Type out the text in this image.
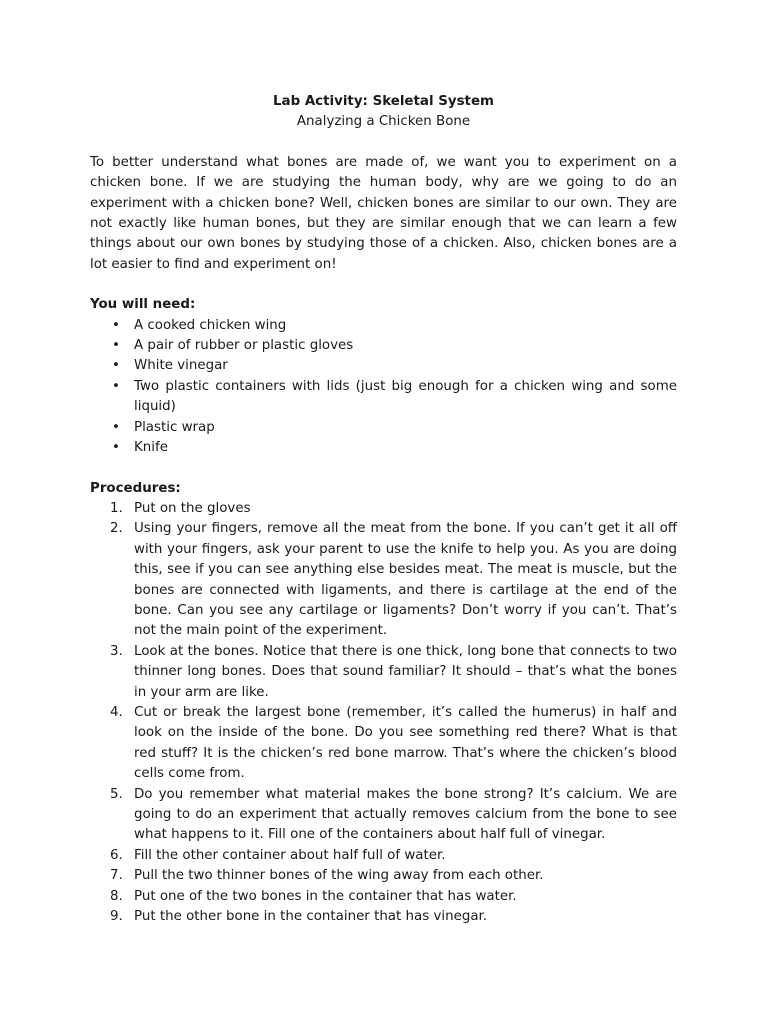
Lab Activity: Skeletal System

Analyzing a Chicken Bone

To better understand what bones are made of, we want you to experiment on a chicken bone. If we are studying the human body, why are we going to do an experiment with a chicken bone? Well, chicken bones are similar to our own. They are not exactly like human bones, but they are similar enough that we can learn a few things about our own bones by studying those of a chicken. Also, chicken bones are a lot easier to find and experiment on!

You will need:

• A cooked chicken wing
• A pair of rubber or plastic gloves
• White vinegar
• Two plastic containers with lids (just big enough for a chicken wing and some liquid)
• Plastic wrap
• Knife

Procedures:

1. Put on the gloves
2. Using your fingers, remove all the meat from the bone. If you can’t get it all off with your fingers, ask your parent to use the knife to help you. As you are doing this, see if you can see anything else besides meat. The meat is muscle, but the bones are connected with ligaments, and there is cartilage at the end of the bone. Can you see any cartilage or ligaments? Don’t worry if you can’t. That’s not the main point of the experiment.
3. Look at the bones. Notice that there is one thick, long bone that connects to two thinner long bones. Does that sound familiar? It should – that’s what the bones in your arm are like.
4. Cut or break the largest bone (remember, it’s called the humerus) in half and look on the inside of the bone. Do you see something red there? What is that red stuff? It is the chicken’s red bone marrow. That’s where the chicken’s blood cells come from.
5. Do you remember what material makes the bone strong? It’s calcium. We are going to do an experiment that actually removes calcium from the bone to see what happens to it. Fill one of the containers about half full of vinegar.
6. Fill the other container about half full of water.
7. Pull the two thinner bones of the wing away from each other.
8. Put one of the two bones in the container that has water.
9. Put the other bone in the container that has vinegar.
